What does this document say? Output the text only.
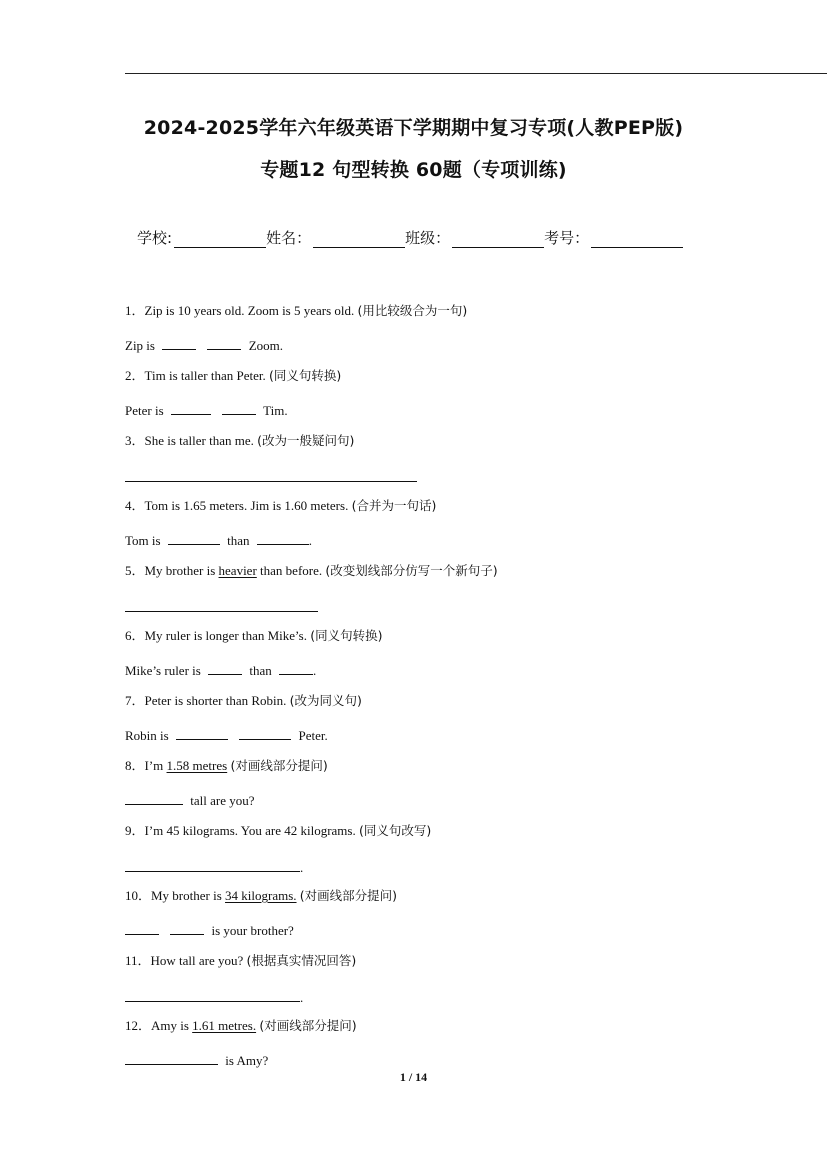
2024-2025学年六年级英语下学期期中复习专项(人教PEP版)
专题12 句型转换 60题（专项训练)
学校:	姓名：	班级：	考号：
1．Zip is 10 years old. Zoom is 5 years old. (用比较级合为一句)
Zip is	Zoom.
2．Tim is taller than Peter. (同义句转换)
Peter is	Tim.
3．She is taller than me. (改为一般疑问句)
4．Tom is 1.65 meters. Jim is 1.60 meters. (合并为一句话)
Tom is	than	.
5．My brother is heavier than before. (改变划线部分仿写一个新句子)
6．My ruler is longer than Mike’s. (同义句转换)
Mike’s ruler is	than	.
7．Peter is shorter than Robin. (改为同义句)
Robin is	Peter.
8．I’m 1.58 metres (对画线部分提问)
tall are you?
9．I’m 45 kilograms. You are 42 kilograms. (同义句改写)
.
10．My brother is 34 kilograms. (对画线部分提问)
is your brother?
11．How tall are you? (根据真实情况回答)
.
12．Amy is 1.61 metres. (对画线部分提问)
is Amy?
1 / 14
